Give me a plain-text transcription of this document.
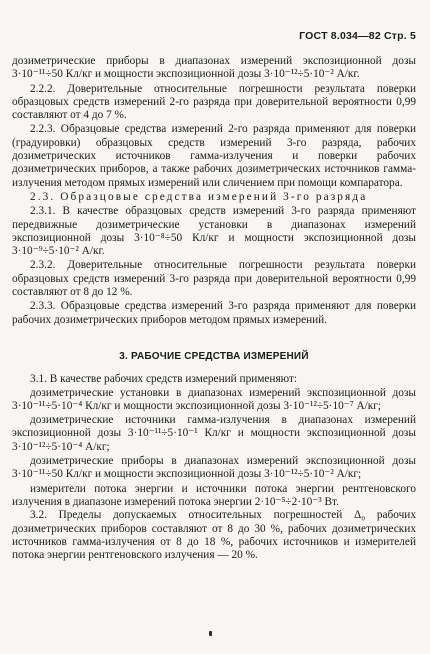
ГОСТ 8.034—82 Стр. 5

дозиметрические приборы в диапазонах измерений экспозиционной дозы 3·10⁻¹¹÷50 Кл/кг и мощности экспозиционной дозы 3·10⁻¹²÷5·10⁻² А/кг.

2.2.2. Доверительные относительные погрешности результата поверки образцовых средств измерений 2-го разряда при доверительной вероятности 0,99 составляют от 4 до 7 %.

2.2.3. Образцовые средства измерений 2-го разряда применяют для поверки (градуировки) образцовых средств измерений 3-го разряда, рабочих дозиметрических источников гамма-излучения и поверки рабочих дозиметрических приборов, а также рабочих дозиметрических источников гамма-излучения методом прямых измерений или сличением при помощи компаратора.

2.3. Образцовые средства измерений 3-го разряда

2.3.1. В качестве образцовых средств измерений 3-го разряда применяют передвижные дозиметрические установки в диапазонах измерений экспозиционной дозы 3·10⁻⁸÷50 Кл/кг и мощности экспозиционной дозы 3·10⁻⁹÷5·10⁻² А/кг.

2.3.2. Доверительные относительные погрешности результата поверки образцовых средств измерений 3-го разряда при доверительной вероятности 0,99 составляют от 8 до 12 %.

2.3.3. Образцовые средства измерений 3-го разряда применяют для поверки рабочих дозиметрических приборов методом прямых измерений.

3. РАБОЧИЕ СРЕДСТВА ИЗМЕРЕНИЙ

3.1. В качестве рабочих средств измерений применяют:

дозиметрические установки в диапазонах измерений экспозиционной дозы 3·10⁻¹¹÷5·10⁻⁴ Кл/кг и мощности экспозиционной дозы 3·10⁻¹²÷5·10⁻⁷ А/кг;

дозиметрические источники гамма-излучения в диапазонах измерений экспозиционной дозы 3·10⁻¹¹÷5·10⁻¹ Кл/кг и мощности экспозиционной дозы 3·10⁻¹²÷5·10⁻⁴ А/кг;

дозиметрические приборы в диапазонах измерений экспозиционной дозы 3·10⁻¹¹÷50 Кл/кг и мощности экспозиционной дозы 3·10⁻¹²÷5·10⁻² А/кг;

измерители потока энергии и источники потока энергии рентгеновского излучения в диапазоне измерений потока энергии 2·10⁻⁵÷2·10⁻³ Вт.

3.2. Пределы допускаемых относительных погрешностей Δ₀ рабочих дозиметрических приборов составляют от 8 до 30 %, рабочих дозиметрических источников гамма-излучения от 8 до 18 %, рабочих источников и измерителей потока энергии рентгеновского излучения — 20 %.
